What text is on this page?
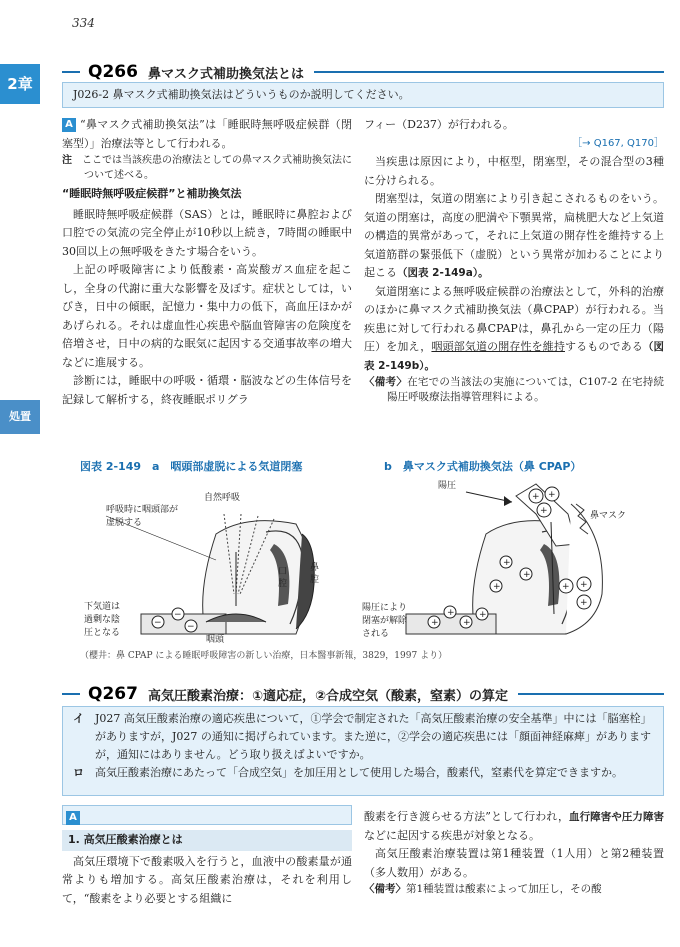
334
2章
処置
Q266 鼻マスク式補助換気法とは
J026-2 鼻マスク式補助換気法はどういうものか説明してください。

A “鼻マスク式補助換気法”は「睡眠時無呼吸症候群（閉塞型）」治療法等として行われる。

注　 ここでは当該疾患の治療法としての鼻マスク式補助換気法について述べる。
“睡眠時無呼吸症候群”と補助換気法

睡眠時無呼吸症候群（SAS）とは，睡眠時に鼻腔および口腔での気流の完全停止が10秒以上続き，7時間の睡眠中30回以上の無呼吸をきたす場合をいう。

上記の呼吸障害により低酸素・高炭酸ガス血症を起こし，全身の代謝に重大な影響を及ぼす。症状としては，いびき，日中の傾眠，記憶力・集中力の低下，高血圧ほかがあげられる。それは虚血性心疾患や脳血管障害の危険度を倍増させ，日中の病的な眠気に起因する交通事故率の増大などに進展する。

診断には，睡眠中の呼吸・循環・脳波などの生体信号を記録して解析する，終夜睡眠ポリグラ

フィー（D237）が行われる。

［→ Q167, Q170］

当疾患は原因により，中枢型，閉塞型，その混合型の3種に分けられる。

閉塞型は，気道の閉塞により引き起こされるものをいう。気道の閉塞は，高度の肥満や下顎異常，扁桃肥大など上気道の構造的異常があって，それに上気道の開存性を維持する上気道筋群の緊張低下（虚脱）という異常が加わることにより起こる（図表 2-149a）。

気道閉塞による無呼吸症候群の治療法として，外科的治療のほかに鼻マスク式補助換気法（鼻CPAP）が行われる。当疾患に対して行われる鼻CPAPは，鼻孔から一定の圧力（陽圧）を加え，咽頭部気道の開存性を維持するものである（図表 2-149b）。

〈備考〉在宅での当該法の実施については，C107-2 在宅持続陽圧呼吸療法指導管理料による。
図表 2-149　a　咽頭部虚脱による気道閉塞	b　鼻マスク式補助換気法（鼻 CPAP）
−
−
−
自然呼吸
呼吸時に咽頭部が
虚脱する
口
腔
鼻
腔
下気道は
過剰な陰
圧となる
咽頭
+ +
+
+
+
+
+
+
+
+
+
+
+
陽圧
鼻マスク
陽圧により
閉塞が解除
される
（櫻井：鼻 CPAP による睡眠呼吸障害の新しい治療，日本醫事新報，3829，1997 より）
Q267 高気圧酸素治療：①適応症，②合成空気（酸素，窒素）の算定
イ	J027 高気圧酸素治療の適応疾患について，①学会で制定された「高気圧酸素治療の安全基準」中には「脳塞栓」がありますが，J027 の通知に掲げられています。また逆に，②学会の適応疾患には「顔面神経麻痺」がありますが，通知にはありません。どう取り扱えばよいですか。
ロ	高気圧酸素治療にあたって「合成空気」を加圧用として使用した場合，酸素代，窒素代を算定できますか。
A
1. 高気圧酸素治療とは

高気圧環境下で酸素吸入を行うと，血液中の酸素量が通常よりも増加する。高気圧酸素治療は，それを利用して，“酸素をより必要とする組織に

酸素を行き渡らせる方法”として行われ，血行障害や圧力障害などに起因する疾患が対象となる。

高気圧酸素治療装置は第1種装置（1人用）と第2種装置（多人数用）がある。

〈備考〉第1種装置は酸素によって加圧し，その酸
